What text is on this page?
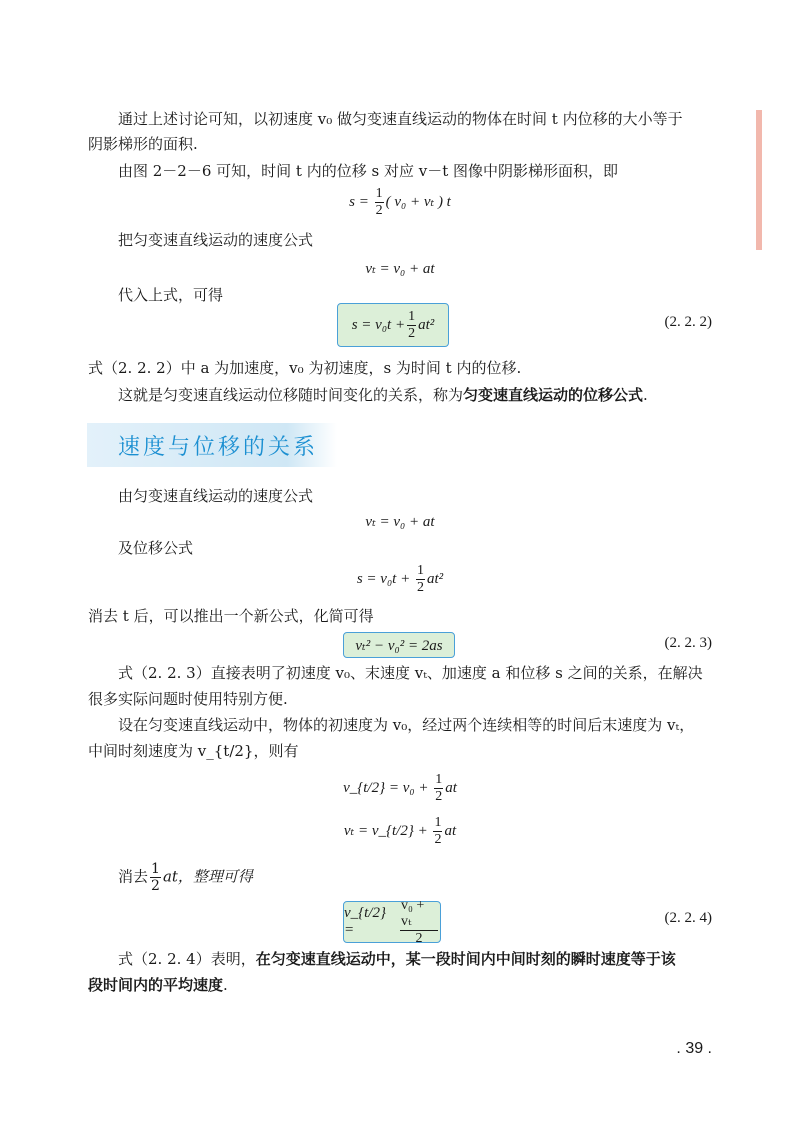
通过上述讨论可知，以初速度 v₀ 做匀变速直线运动的物体在时间 t 内位移的大小等于
阴影梯形的面积.
由图 2－2－6 可知，时间 t 内的位移 s 对应 v－t 图像中阴影梯形面积，即
$s = \frac{1}{2}$ ( v₀ + vₜ ) t
把匀变速直线运动的速度公式
vₜ = v₀ + at
代入上式，可得
$s = v_0t + \frac{1}{2} at^2$	(2. 2. 2)
式（2. 2. 2）中 a 为加速度，v₀ 为初速度，s 为时间 t 内的位移.
这就是匀变速直线运动位移随时间变化的关系，称为匀变速直线运动的位移公式.
速度与位移的关系
由匀变速直线运动的速度公式
vₜ = v₀ + at
及位移公式
$s = v_0t + \frac{1}{2} at^2$
消去 t 后，可以推出一个新公式，化简可得
vₜ² − v₀² = 2as	(2. 2. 3)
式（2. 2. 3）直接表明了初速度 v₀、末速度 vₜ、加速度 a 和位移 s 之间的关系，在解决
很多实际问题时使用特别方便.
设在匀变速直线运动中，物体的初速度为 v₀，经过两个连续相等的时间后末速度为 vₜ，
中间时刻速度为 v_{t/2}，则有
v_{t/2} = $v_0 + \frac{1}{2}$ at
vₜ = v_{t/2} + $\frac{1}{2}$ at
消去 $\frac{1}{2}$ at，整理可得
v_{t/2} =	$\frac{\text{v₀ + vₜ}}{2}$	(2. 2. 4)
式（2. 2. 4）表明，在匀变速直线运动中，某一段时间内中间时刻的瞬时速度等于该
段时间内的平均速度.
. 39 .
